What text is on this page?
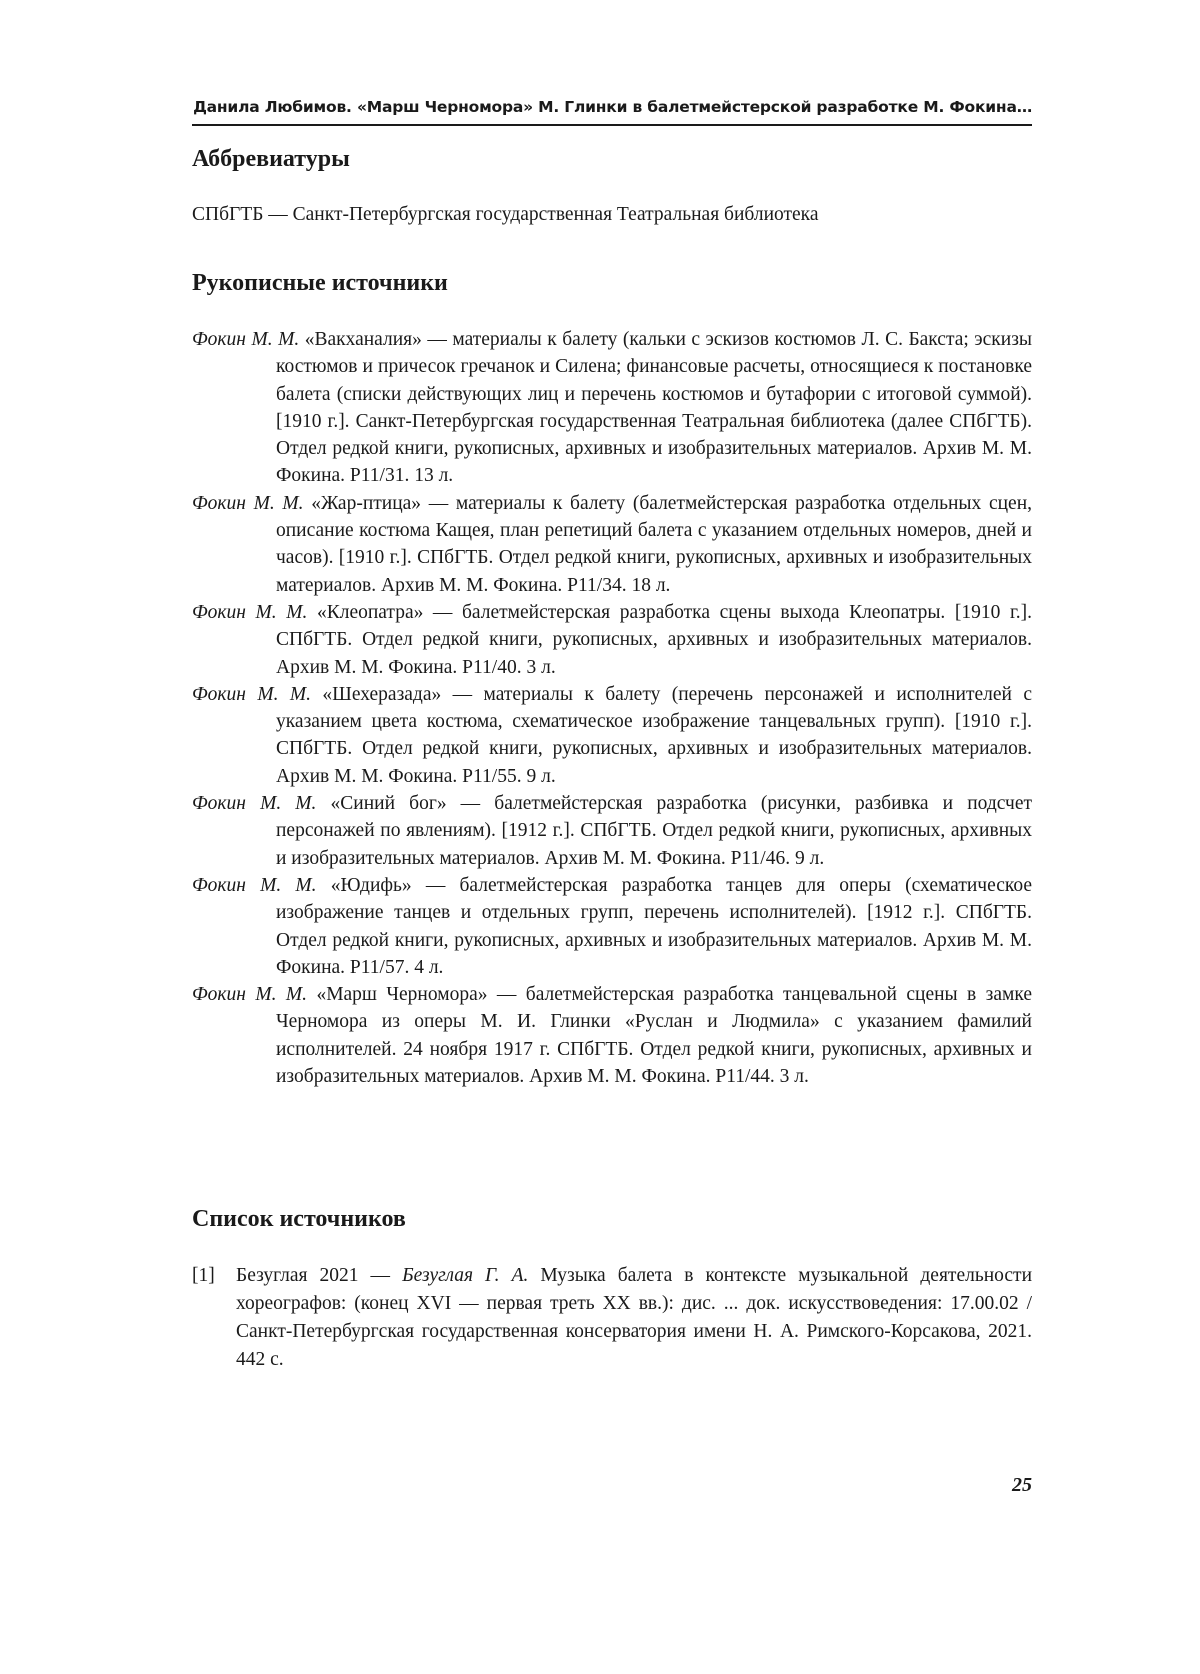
Данила Любимов. «Марш Черномора» М. Глинки в балетмейстерской разработке М. Фокина…
Аббревиатуры
СПбГТБ — Санкт-Петербургская государственная Театральная библиотека
Рукописные источники

Фокин М. М. «Вакханалия» — материалы к балету (кальки с эскизов костюмов Л. С. Бакста; эскизы костюмов и причесок гречанок и Силена; финансовые расчеты, относящиеся к постановке балета (списки действующих лиц и перечень костюмов и бутафории с итоговой суммой). [1910 г.]. Санкт-Петербургская государственная Театральная библиотека (далее СПбГТБ). Отдел редкой книги, рукописных, архивных и изобразительных материалов. Архив М. М. Фокина. Р11/31. 13 л.

Фокин М. М. «Жар-птица» — материалы к балету (балетмейстерская разработка отдельных сцен, описание костюма Кащея, план репетиций балета с указанием отдельных номеров, дней и часов). [1910 г.]. СПбГТБ. Отдел редкой книги, рукописных, архивных и изобразительных материалов. Архив М. М. Фокина. Р11/34. 18 л.

Фокин М. М. «Клеопатра» — балетмейстерская разработка сцены выхода Клеопатры. [1910 г.]. СПбГТБ. Отдел редкой книги, рукописных, архивных и изобразительных материалов. Архив М. М. Фокина. Р11/40. 3 л.

Фокин М. М. «Шехеразада» — материалы к балету (перечень персонажей и исполнителей с указанием цвета костюма, схематическое изображение танцевальных групп). [1910 г.]. СПбГТБ. Отдел редкой книги, рукописных, архивных и изобразительных материалов. Архив М. М. Фокина. Р11/55. 9 л.

Фокин М. М. «Синий бог» — балетмейстерская разработка (рисунки, разбивка и подсчет персонажей по явлениям). [1912 г.]. СПбГТБ. Отдел редкой книги, рукописных, архивных и изобразительных материалов. Архив М. М. Фокина. Р11/46. 9 л.

Фокин М. М. «Юдифь» — балетмейстерская разработка танцев для оперы (схематическое изображение танцев и отдельных групп, перечень исполнителей). [1912 г.]. СПбГТБ. Отдел редкой книги, рукописных, архивных и изобразительных материалов. Архив М. М. Фокина. Р11/57. 4 л.

Фокин М. М. «Марш Черномора» — балетмейстерская разработка танцевальной сцены в замке Черномора из оперы М. И. Глинки «Руслан и Людмила» с указанием фамилий исполнителей. 24 ноября 1917 г. СПбГТБ. Отдел редкой книги, рукописных, архивных и изобразительных материалов. Архив М. М. Фокина. Р11/44. 3 л.

Список источников
[1] Безуглая 2021 — Безуглая Г. А. Музыка балета в контексте музыкальной деятельности хореографов: (конец XVI — первая треть XX вв.): дис. ... док. искусствоведения: 17.00.02 / Санкт-Петербургская государственная консерватория имени Н. А. Римского-Корсакова, 2021. 442 с.
25
